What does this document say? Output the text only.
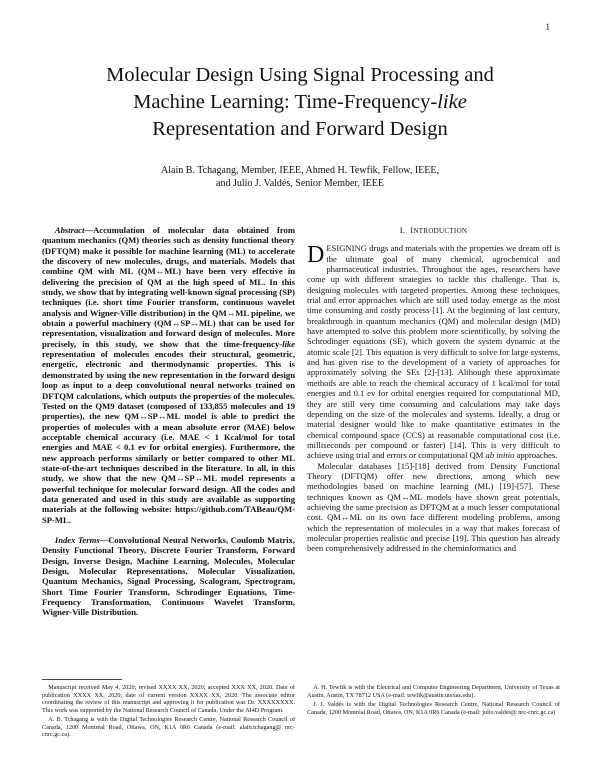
1
Molecular Design Using Signal Processing and
Machine Learning: Time-Frequency-like
Representation and Forward Design
Alain B. Tchagang, Member, IEEE, Ahmed H. Tewfik, Fellow, IEEE,
and Julio J. Valdés, Senior Member, IEEE

Abstract—Accumulation of molecular data obtained from quantum mechanics (QM) theories such as density functional theory (DFTQM) make it possible for machine learning (ML) to accelerate the discovery of new molecules, drugs, and materials. Models that combine QM with ML (QM↔ML) have been very effective in delivering the precision of QM at the high speed of ML. In this study, we show that by integrating well-known signal processing (SP) techniques (i.e. short time Fourier transform, continuous wavelet analysis and Wigner-Ville distribution) in the QM↔ML pipeline, we obtain a powerful machinery (QM↔SP↔ML) that can be used for representation, visualization and forward design of molecules. More precisely, in this study, we show that the time-frequency-like representation of molecules encodes their structural, geometric, energetic, electronic and thermodynamic properties. This is demonstrated by using the new representation in the forward design loop as input to a deep convolutional neural networks trained on DFTQM calculations, which outputs the properties of the molecules. Tested on the QM9 dataset (composed of 133,855 molecules and 19 properties), the new QM↔SP↔ML model is able to predict the properties of molecules with a mean absolute error (MAE) below acceptable chemical accuracy (i.e. MAE < 1 Kcal/mol for total energies and MAE < 0.1 ev for orbital energies). Furthermore, the new approach performs similarly or better compared to other ML state-of-the-art techniques described in the literature. In all, in this study, we show that the new QM↔SP↔ML model represents a powerful technique for molecular forward design. All the codes and data generated and used in this study are available as supporting materials at the following website: https://github.com/TABeau/QM-SP-ML.

Index Terms—Convolutional Neural Networks, Coulomb Matrix, Density Functional Theory, Discrete Fourier Transform, Forward Design, Inverse Design, Machine Learning, Molecules, Molecular Design, Molecular Representations, Molecular Visualization, Quantum Mechanics, Signal Processing, Scalogram, Spectrogram, Short Time Fourier Transform, Schrodinger Equations, Time-Frequency Transformation, Continuous Wavelet Transform, Wigner-Ville Distribution.

I. INTRODUCTION

DESIGNING drugs and materials with the properties we dream off is the ultimate goal of many chemical, agrochemical and pharmaceutical industries. Throughout the ages, researchers have come up with different strategies to tackle this challenge. That is, designing molecules with targeted properties. Among these techniques, trial and error approaches which are still used today emerge as the most time consuming and costly process [1]. At the beginning of last century, breakthrough in quantum mechanics (QM) and molecular design (MD) have attempted to solve this problem more scientifically, by solving the Schrodinger equations (SE), which govern the system dynamic at the atomic scale [2]. This equation is very difficult to solve for large systems, and has given rise to the development of a variety of approaches for approximately solving the SEs [2]-[13]. Although these approximate methods are able to reach the chemical accuracy of 1 kcal/mol for total energies and 0.1 ev for orbital energies required for computational MD, they are still very time consuming and calculations may take days depending on the size of the molecules and systems. Ideally, a drug or material designer would like to make quantitative estimates in the chemical compound space (CCS) at reasonable computational cost (i.e. milliseconds per compound or faster) [14]. This is very difficult to achieve using trial and errors or computational QM ab initio approaches.

Molecular databases [15]-[18] derived from Density Functional Theory (DFTQM) offer new directions, among which new methodologies based on machine learning (ML) [19]-[57]. These techniques known as QM↔ML models have shown great potentials, achieving the same precision as DFTQM at a much lesser computational cost. QM↔ML on its own face different modeling problems, among which the representation of molecules in a way that makes forecast of molecular properties realistic and precise [19]. This question has already been comprehensively addressed in the cheminformatics and

Manuscript received May 4, 2020; revised XXXX XX, 2020; accepted XXX XX, 2020. Date of publication XXXX XX, 2020; date of current version XXXX XX, 2020. The associate editor coordinating the review of this manuscript and approving it for publication was Dr. XXXXXXXX. This work was supported by the National Research Council of Canada. Under the AI4D Program.

A. B. Tchagang is with the Digital Technologies Research Centre, National Research Council of Canada, 1200 Montréal Road, Ottawa, ON, K1A 0R6 Canada (e-mail: alain.tchagang@ nrc-cnrc.gc.ca).

A. H. Tewfik is with the Electrical and Computer Engineering Department, University of Texas at Austin, Austin, TX 78712 USA (e-mail: tewfik@austin.utexas.edu).

J. J. Valdés is with the Digital Technologies Research Centre, National Research Council of Canada, 1200 Montréal Road, Ottawa, ON, K1A 0R6 Canada (e-mail: julio.valdes@ nrc-cnrc.gc.ca)
